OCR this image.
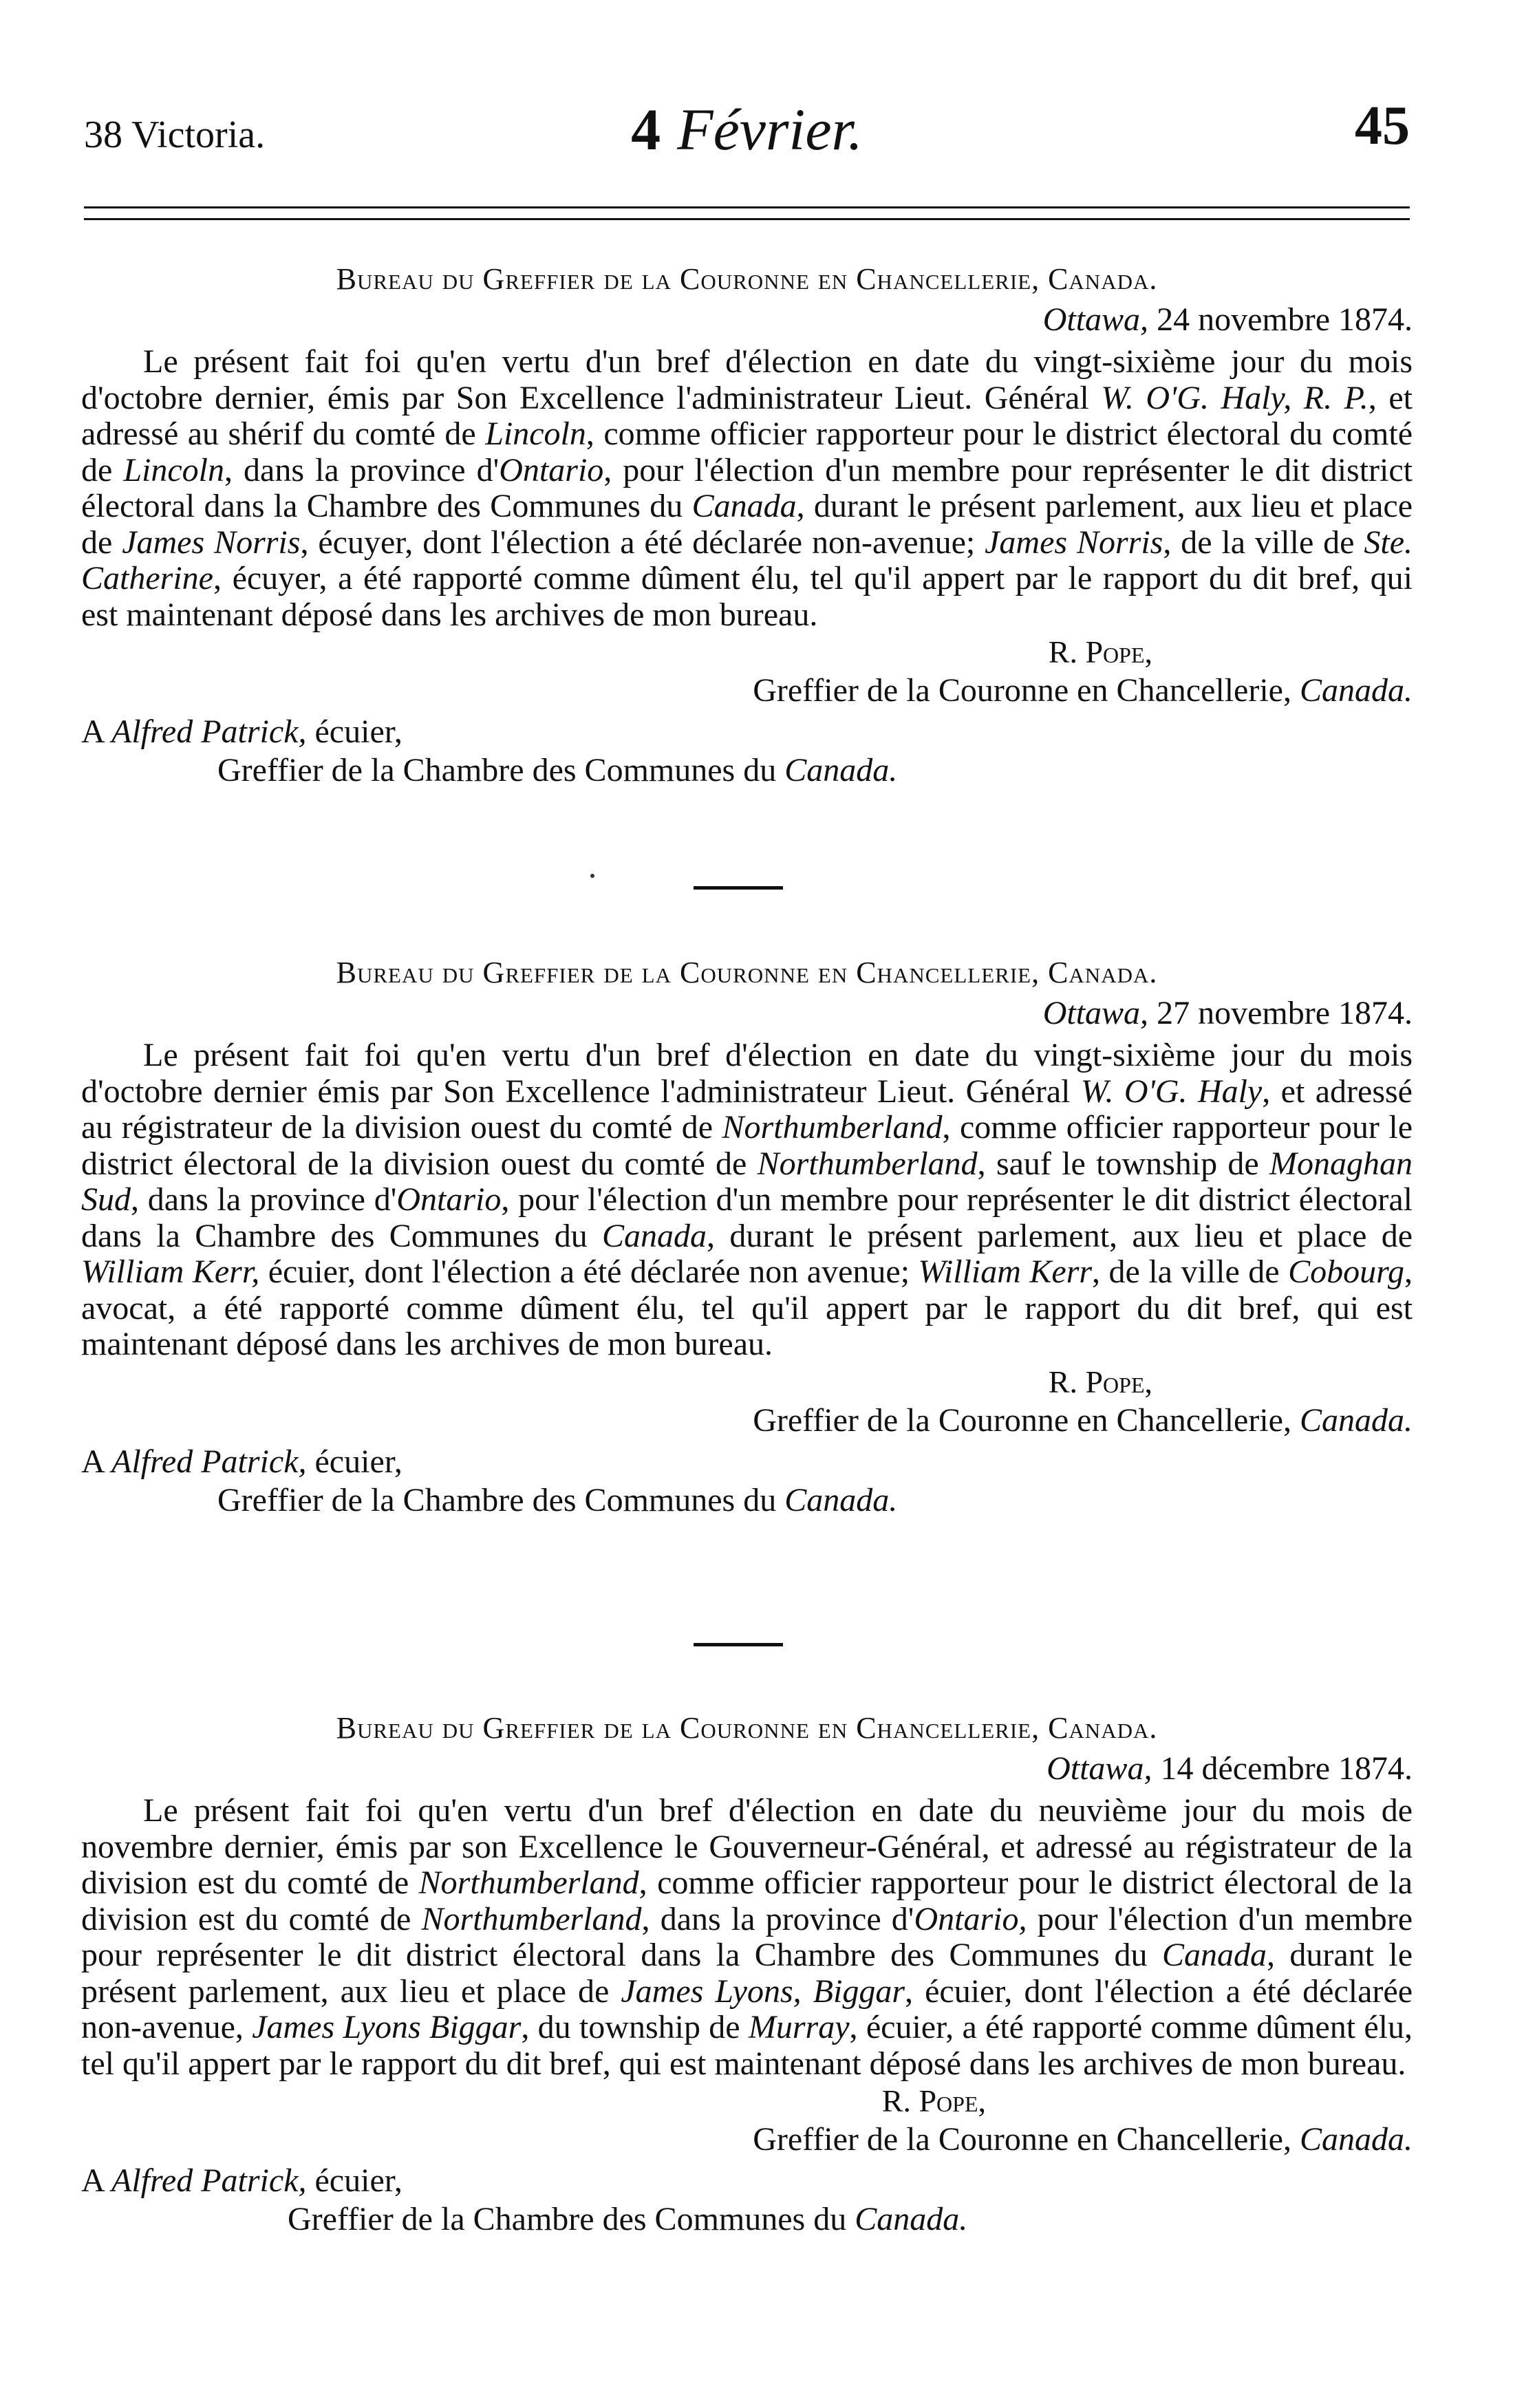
38 Victoria.	4 Février.	45
Bureau du Greffier de la Couronne en Chancellerie, Canada.
Ottawa, 24 novembre 1874.

Le présent fait foi qu'en vertu d'un bref d'élection en date du vingt-sixième jour du mois d'octobre dernier, émis par Son Excellence l'administrateur Lieut. Général W. O'G. Haly, R. P., et adressé au shérif du comté de Lincoln, comme officier rapporteur pour le district électoral du comté de Lincoln, dans la province d'Ontario, pour l'élection d'un membre pour représenter le dit district électoral dans la Chambre des Communes du Canada, durant le présent parlement, aux lieu et place de James Norris, écuyer, dont l'élection a été déclarée non-avenue; James Norris, de la ville de Ste. Catherine, écuyer, a été rapporté comme dûment élu, tel qu'il appert par le rapport du dit bref, qui est maintenant déposé dans les archives de mon bureau.

R. Pope,
Greffier de la Couronne en Chancellerie, Canada.
A Alfred Patrick, écuier,
Greffier de la Chambre des Communes du Canada.
Bureau du Greffier de la Couronne en Chancellerie, Canada.
Ottawa, 27 novembre 1874.

Le présent fait foi qu'en vertu d'un bref d'élection en date du vingt-sixième jour du mois d'octobre dernier émis par Son Excellence l'administrateur Lieut. Général W. O'G. Haly, et adressé au régistrateur de la division ouest du comté de Northumberland, comme officier rapporteur pour le district électoral de la division ouest du comté de Northumberland, sauf le township de Monaghan Sud, dans la province d'Ontario, pour l'élection d'un membre pour représenter le dit district électoral dans la Chambre des Communes du Canada, durant le présent parlement, aux lieu et place de William Kerr, écuier, dont l'élection a été déclarée non avenue; William Kerr, de la ville de Cobourg, avocat, a été rapporté comme dûment élu, tel qu'il appert par le rapport du dit bref, qui est maintenant déposé dans les archives de mon bureau.

R. Pope,
Greffier de la Couronne en Chancellerie, Canada.
A Alfred Patrick, écuier,
Greffier de la Chambre des Communes du Canada.
Bureau du Greffier de la Couronne en Chancellerie, Canada.
Ottawa, 14 décembre 1874.

Le présent fait foi qu'en vertu d'un bref d'élection en date du neuvième jour du mois de novembre dernier, émis par son Excellence le Gouverneur-Général, et adressé au régistrateur de la division est du comté de Northumberland, comme officier rapporteur pour le district électoral de la division est du comté de Northumberland, dans la province d'Ontario, pour l'élection d'un membre pour représenter le dit district électoral dans la Chambre des Communes du Canada, durant le présent parlement, aux lieu et place de James Lyons, Biggar, écuier, dont l'élection a été déclarée non-avenue, James Lyons Biggar, du township de Murray, écuier, a été rapporté comme dûment élu, tel qu'il appert par le rapport du dit bref, qui est maintenant déposé dans les archives de mon bureau.

R. Pope,
Greffier de la Couronne en Chancellerie, Canada.
A Alfred Patrick, écuier,
Greffier de la Chambre des Communes du Canada.
